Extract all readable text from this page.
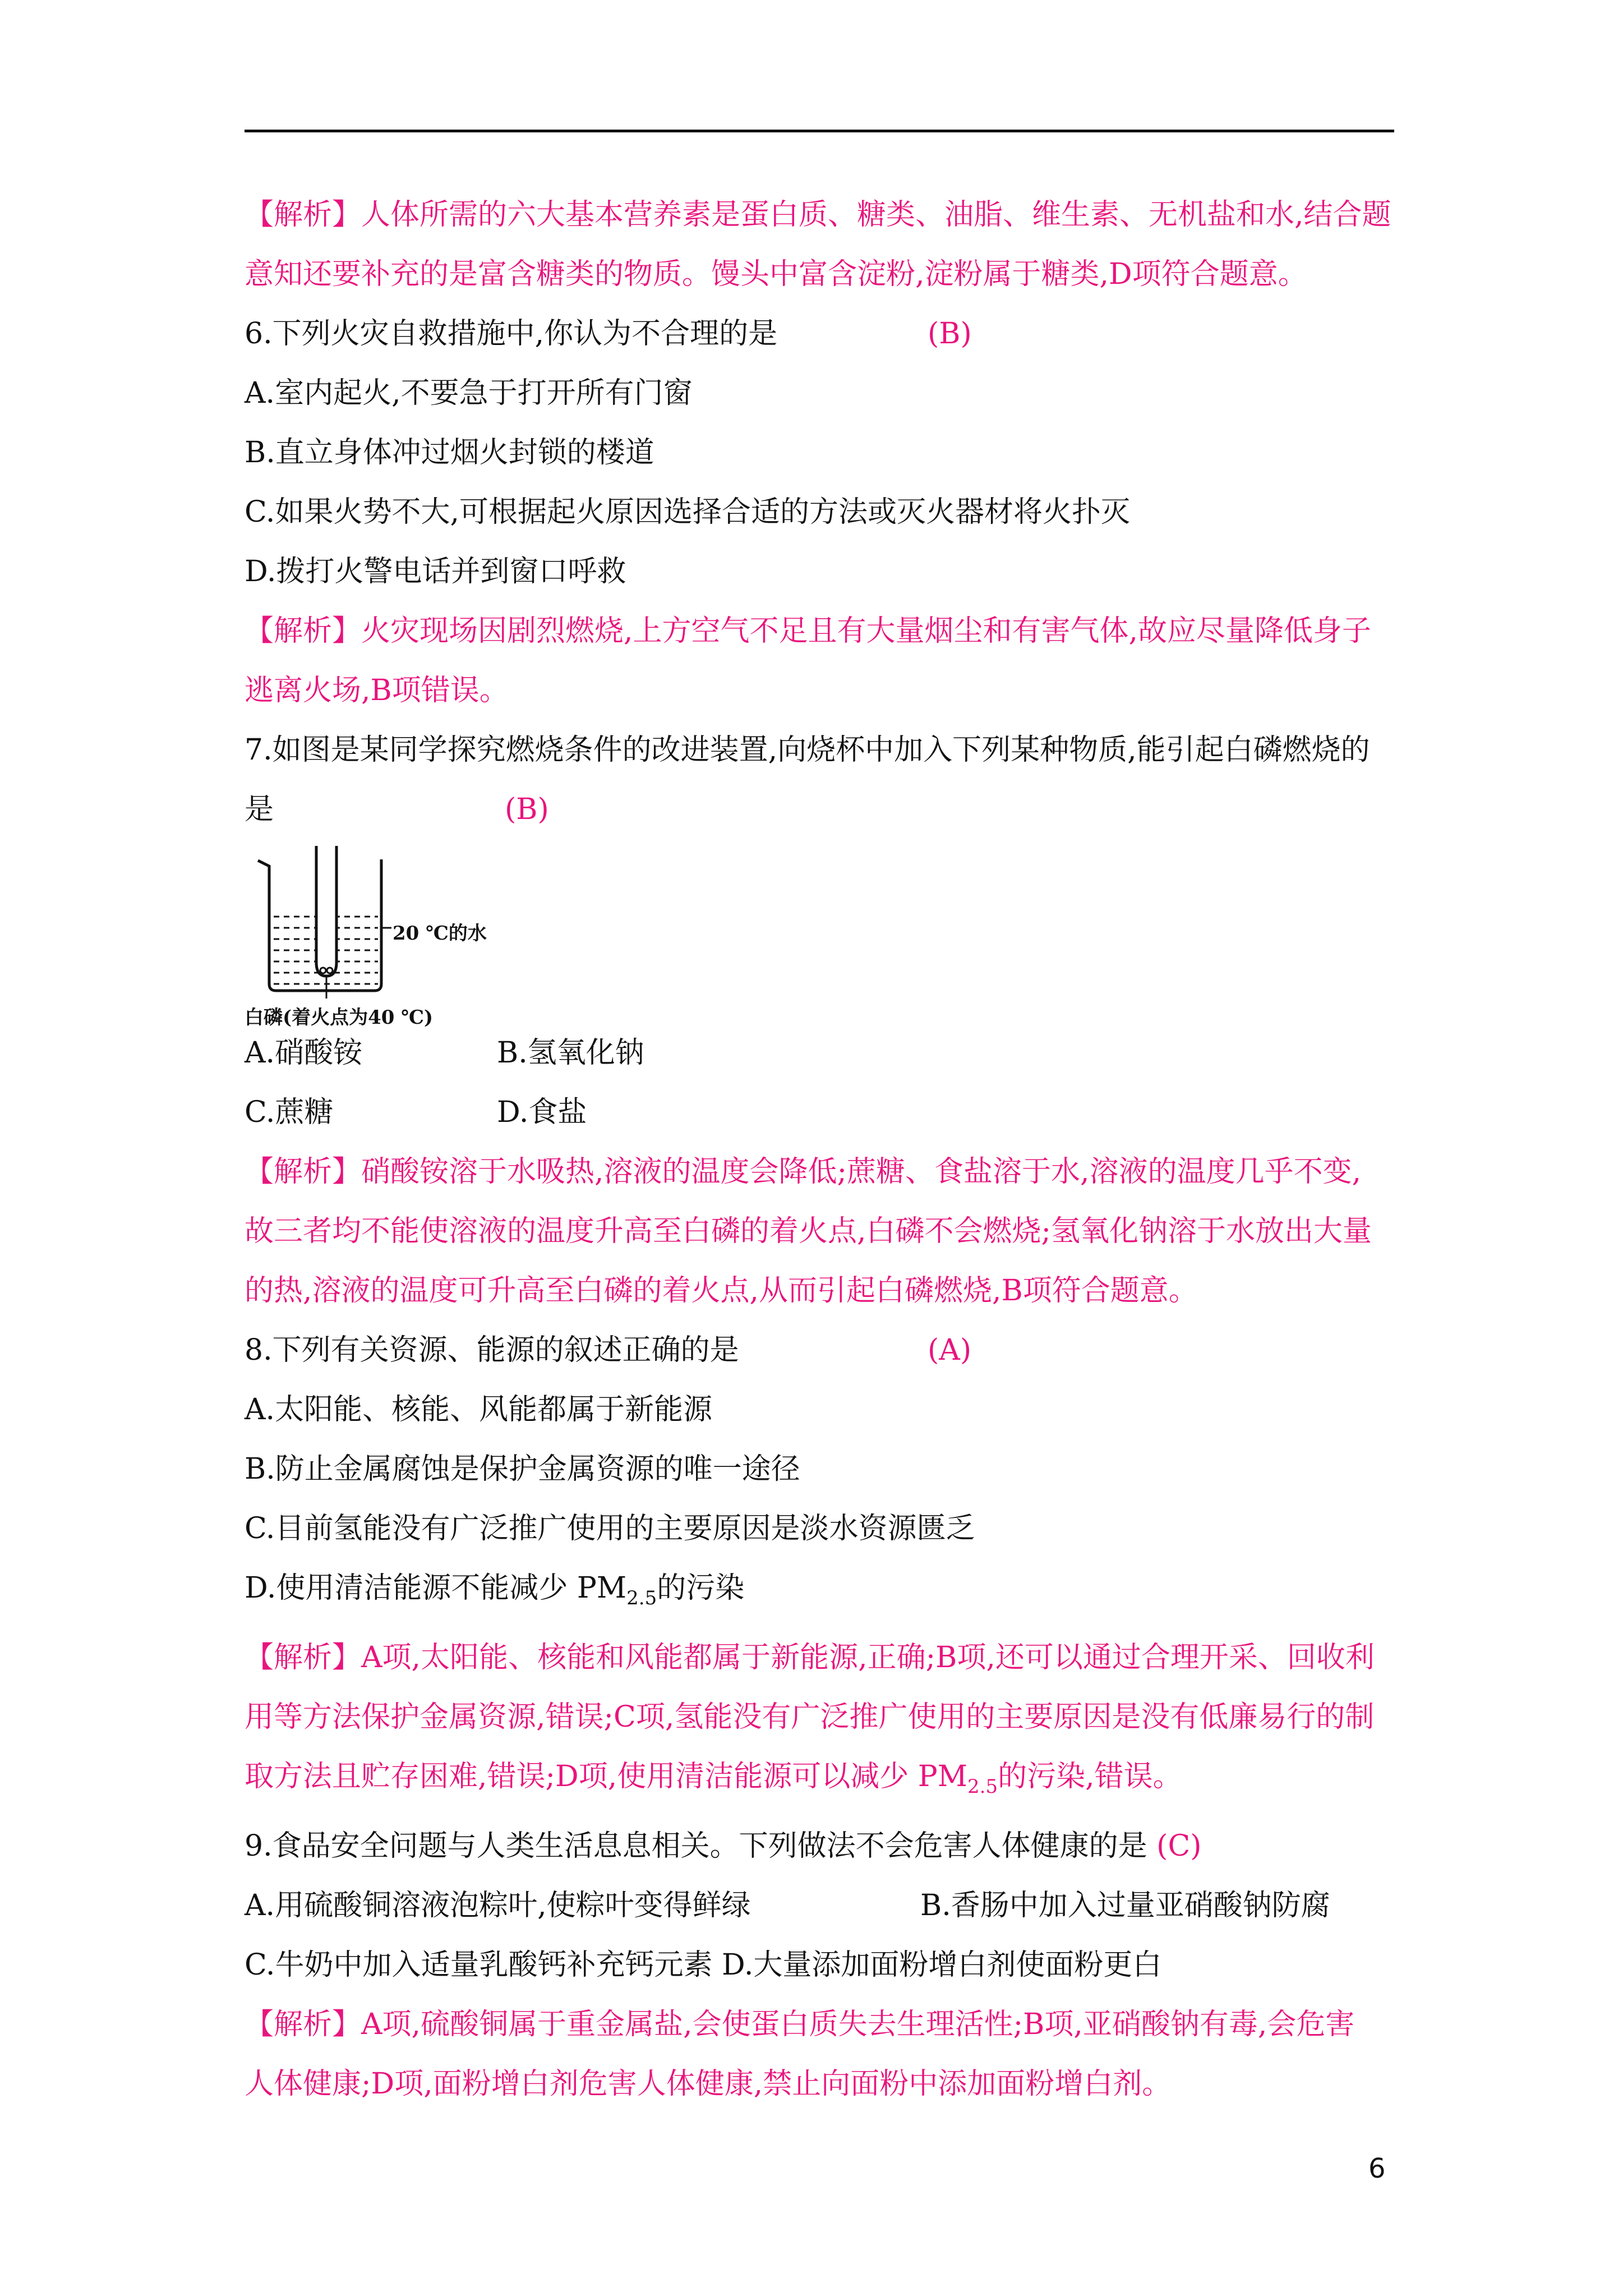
【解析】人体所需的六大基本营养素是蛋白质、糖类、油脂、维生素、无机盐和水,结合题
意知还要补充的是富含糖类的物质。馒头中富含淀粉,淀粉属于糖类,D项符合题意。
6.下列火灾自救措施中,你认为不合理的是	(B)
A.室内起火,不要急于打开所有门窗
B.直立身体冲过烟火封锁的楼道
C.如果火势不大,可根据起火原因选择合适的方法或灭火器材将火扑灭
D.拨打火警电话并到窗口呼救
【解析】火灾现场因剧烈燃烧,上方空气不足且有大量烟尘和有害气体,故应尽量降低身子
逃离火场,B项错误。
7.如图是某同学探究燃烧条件的改进装置,向烧杯中加入下列某种物质,能引起白磷燃烧的
是	(B)
20 ℃的水
白磷(着火点为40 ℃)
A.硝酸铵	B.氢氧化钠
C.蔗糖	D.食盐
【解析】硝酸铵溶于水吸热,溶液的温度会降低;蔗糖、食盐溶于水,溶液的温度几乎不变,
故三者均不能使溶液的温度升高至白磷的着火点,白磷不会燃烧;氢氧化钠溶于水放出大量
的热,溶液的温度可升高至白磷的着火点,从而引起白磷燃烧,B项符合题意。
8.下列有关资源、能源的叙述正确的是	(A)
A.太阳能、核能、风能都属于新能源
B.防止金属腐蚀是保护金属资源的唯一途径
C.目前氢能没有广泛推广使用的主要原因是淡水资源匮乏
D.使用清洁能源不能减少 $PM_{2.5}$的污染
【解析】A项,太阳能、核能和风能都属于新能源,正确;B项,还可以通过合理开采、回收利
用等方法保护金属资源,错误;C项,氢能没有广泛推广使用的主要原因是没有低廉易行的制
取方法且贮存困难,错误;D项,使用清洁能源可以减少 $PM_{2.5}$的污染,错误。
9.食品安全问题与人类生活息息相关。下列做法不会危害人体健康的是 (C)
A.用硫酸铜溶液泡粽叶,使粽叶变得鲜绿	B.香肠中加入过量亚硝酸钠防腐
C.牛奶中加入适量乳酸钙补充钙元素 D.大量添加面粉增白剂使面粉更白
【解析】A项,硫酸铜属于重金属盐,会使蛋白质失去生理活性;B项,亚硝酸钠有毒,会危害
人体健康;D项,面粉增白剂危害人体健康,禁止向面粉中添加面粉增白剂。
6
